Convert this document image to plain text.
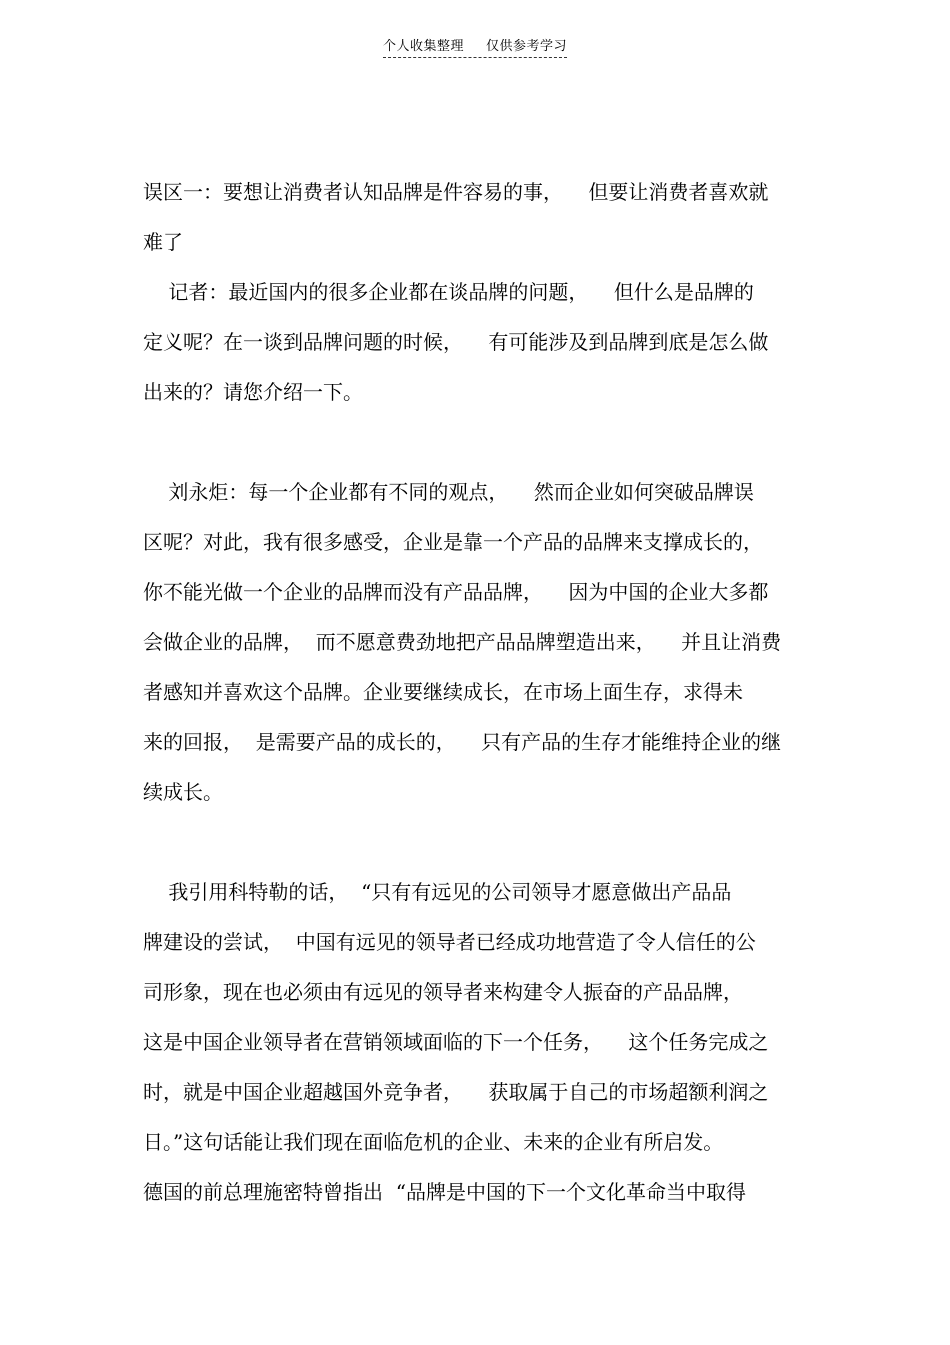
个人收集整理 仅供参考学习
误区一：要想让消费者认知品牌是件容易的事，    但要让消费者喜欢就
难了
记者：最近国内的很多企业都在谈品牌的问题，    但什么是品牌的
定义呢？在一谈到品牌问题的时候，    有可能涉及到品牌到底是怎么做
出来的？请您介绍一下。
刘永炬：每一个企业都有不同的观点，    然而企业如何突破品牌误
区呢？对此，我有很多感受，企业是靠一个产品的品牌来支撑成长的，
你不能光做一个企业的品牌而没有产品品牌，    因为中国的企业大多都
会做企业的品牌，  而不愿意费劲地把产品品牌塑造出来，    并且让消费
者感知并喜欢这个品牌。企业要继续成长，在市场上面生存，求得未
来的回报，  是需要产品的成长的，    只有产品的生存才能维持企业的继
续成长。
我引用科特勒的话，  “只有有远见的公司领导才愿意做出产品品
牌建设的尝试，  中国有远见的领导者已经成功地营造了令人信任的公
司形象，现在也必须由有远见的领导者来构建令人振奋的产品品牌，
这是中国企业领导者在营销领域面临的下一个任务，    这个任务完成之
时，就是中国企业超越国外竞争者，    获取属于自己的市场超额利润之
日。”这句话能让我们现在面临危机的企业、未来的企业有所启发。
德国的前总理施密特曾指出  “品牌是中国的下一个文化革命当中取得
